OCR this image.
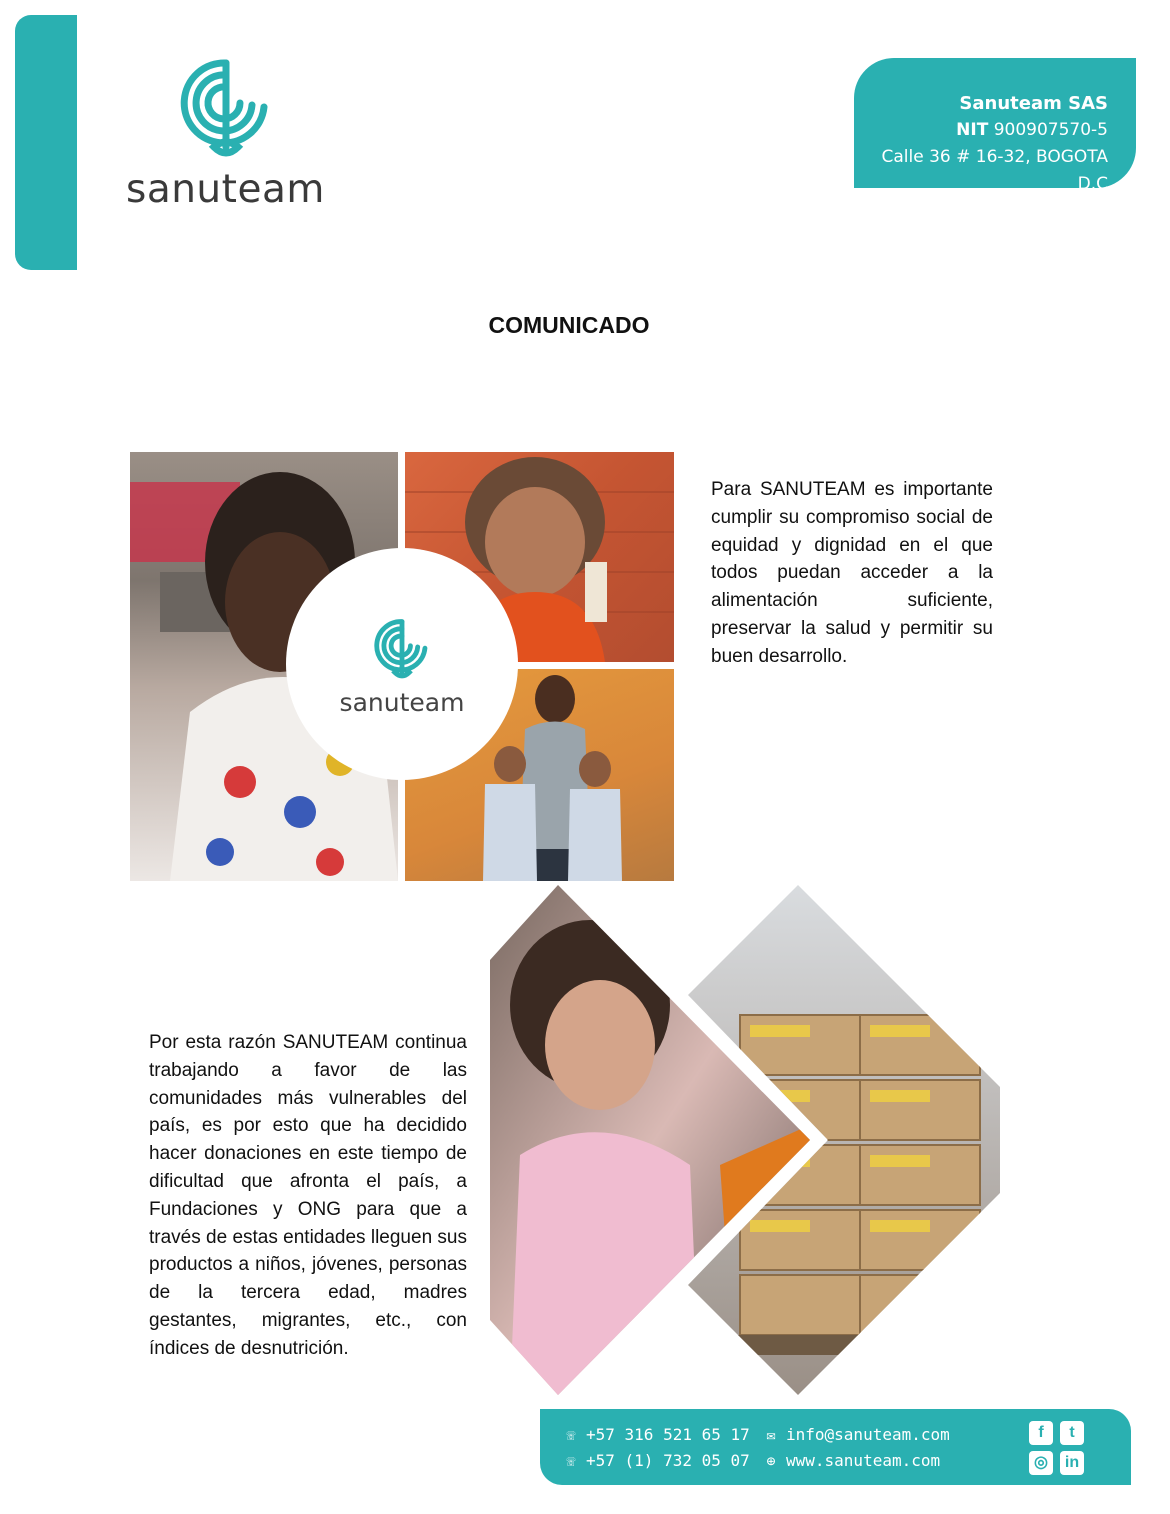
sanuteam
Sanuteam SAS
NIT 900907570-5
Calle 36 # 16-32, BOGOTA D.C
COMUNICADO
sanuteam

Para SANUTEAM es importante cumplir su compromiso social de equidad y dignidad en el que todos puedan acceder a la alimentación suficiente, preservar la salud y permitir su buen desarrollo.

Por esta razón SANUTEAM continua trabajando a favor de las comunidades más vulnerables del país, es por esto que ha decidido hacer donaciones en este tiempo de dificultad que afronta el país, a Fundaciones y ONG para que a través de estas entidades lleguen sus productos a niños, jóvenes, personas de la tercera edad, madres gestantes, migrantes, etc., con índices de desnutrición.

☏ +57 316 521 65 17
☏ +57 (1) 732 05 07
✉ info@sanuteam.com
⊕ www.sanuteam.com
f	t
◎	in
